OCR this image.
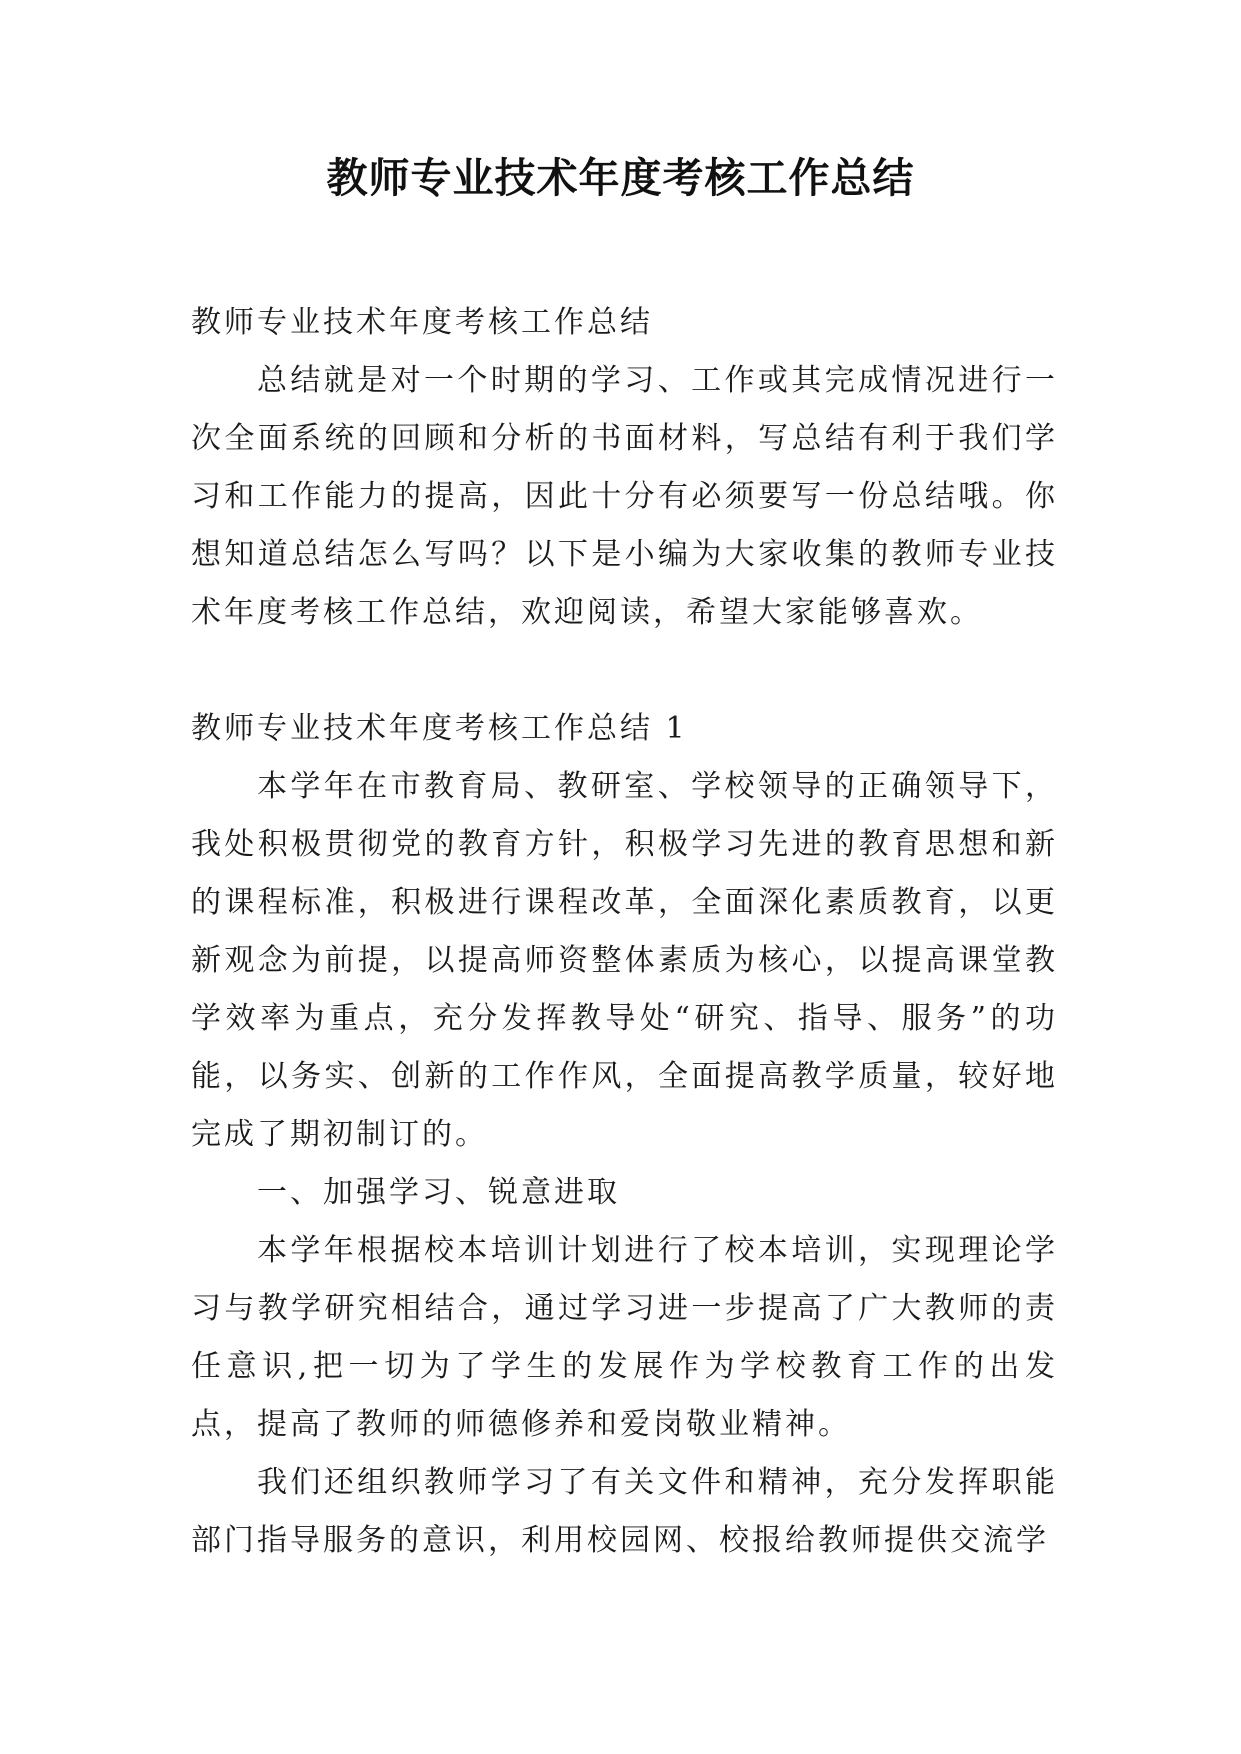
教师专业技术年度考核工作总结

教师专业技术年度考核工作总结

总结就是对一个时期的学习、工作或其完成情况进行一次全面系统的回顾和分析的书面材料，写总结有利于我们学习和工作能力的提高，因此十分有必须要写一份总结哦。你想知道总结怎么写吗？以下是小编为大家收集的教师专业技术年度考核工作总结，欢迎阅读，希望大家能够喜欢。

教师专业技术年度考核工作总结 1

本学年在市教育局、教研室、学校领导的正确领导下，我处积极贯彻党的教育方针，积极学习先进的教育思想和新的课程标准，积极进行课程改革，全面深化素质教育，以更新观念为前提，以提高师资整体素质为核心，以提高课堂教学效率为重点，充分发挥教导处“研究、指导、服务”的功能，以务实、创新的工作作风，全面提高教学质量，较好地完成了期初制订的。

一、加强学习、锐意进取

本学年根据校本培训计划进行了校本培训，实现理论学习与教学研究相结合，通过学习进一步提高了广大教师的责任意识,把一切为了学生的发展作为学校教育工作的出发点，提高了教师的师德修养和爱岗敬业精神。

我们还组织教师学习了有关文件和精神，充分发挥职能部门指导服务的意识，利用校园网、校报给教师提供交流学
